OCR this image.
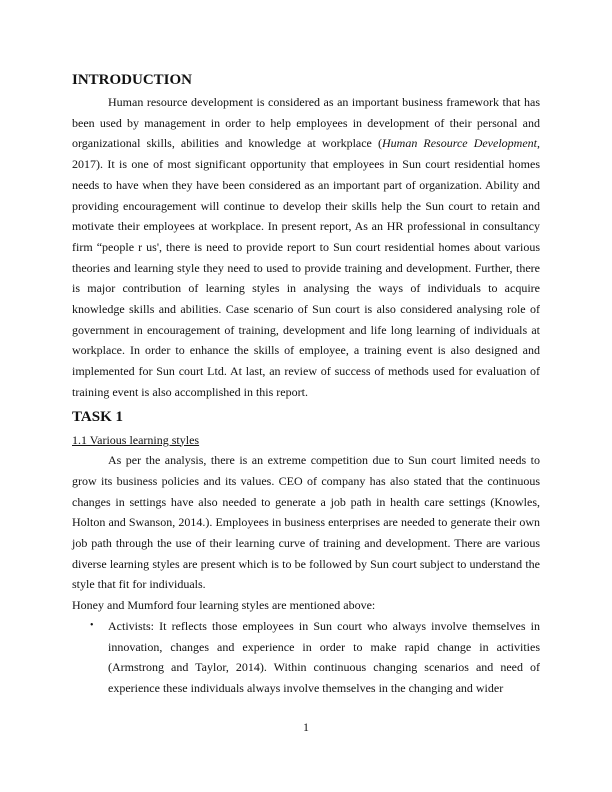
INTRODUCTION

Human resource development is considered as an important business framework that has been used by management in order to help employees in development of their personal and organizational skills, abilities and knowledge at workplace (Human Resource Development, 2017). It is one of most significant opportunity that employees in Sun court residential homes needs to have when they have been considered as an important part of organization. Ability and providing encouragement will continue to develop their skills help the Sun court to retain and motivate their employees at workplace. In present report, As an HR professional in consultancy firm “people r us', there is need to provide report to Sun court residential homes about various theories and learning style they need to used to provide training and development. Further, there is major contribution of learning styles in analysing the ways of individuals to acquire knowledge skills and abilities. Case scenario of Sun court is also considered analysing role of government in encouragement of training, development and life long learning of individuals at workplace. In order to enhance the skills of employee, a training event is also designed and implemented for Sun court Ltd. At last, an review of success of methods used for evaluation of training event is also accomplished in this report.

TASK 1

1.1 Various learning styles

As per the analysis, there is an extreme competition due to Sun court limited needs to grow its business policies and its values. CEO of company has also stated that the continuous changes in settings have also needed to generate a job path in health care settings (Knowles, Holton and Swanson, 2014.). Employees in business enterprises are needed to generate their own job path through the use of their learning curve of training and development. There are various diverse learning styles are present which is to be followed by Sun court subject to understand the style that fit for individuals.

Honey and Mumford four learning styles are mentioned above:

• Activists: It reflects those employees in Sun court who always involve themselves in innovation, changes and experience in order to make rapid change in activities (Armstrong and Taylor, 2014). Within continuous changing scenarios and need of experience these individuals always involve themselves in the changing and wider
1
